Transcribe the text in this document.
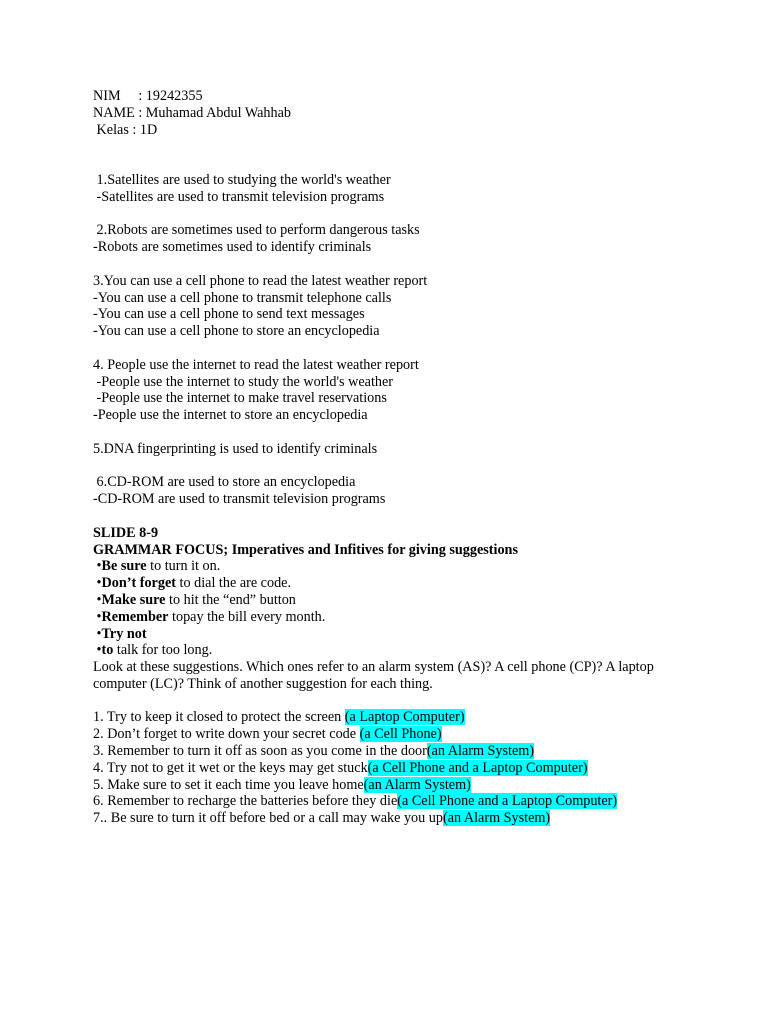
NIM     : 19242355
NAME : Muhamad Abdul Wahhab
Kelas : 1D
1.Satellites are used to studying the world's weather
-Satellites are used to transmit television programs
2.Robots are sometimes used to perform dangerous tasks
-Robots are sometimes used to identify criminals
3.You can use a cell phone to read the latest weather report
-You can use a cell phone to transmit telephone calls
-You can use a cell phone to send text messages
-You can use a cell phone to store an encyclopedia
4. People use the internet to read the latest weather report
-People use the internet to study the world's weather
-People use the internet to make travel reservations
-People use the internet to store an encyclopedia
5.DNA fingerprinting is used to identify criminals
6.CD-ROM are used to store an encyclopedia
-CD-ROM are used to transmit television programs
SLIDE 8-9
GRAMMAR FOCUS; Imperatives and Infitives for giving suggestions
•Be sure to turn it on.
•Don’t forget to dial the are code.
•Make sure to hit the “end” button
•Remember topay the bill every month.
•Try not
•to talk for too long.
Look at these suggestions. Which ones refer to an alarm system (AS)? A cell phone (CP)? A laptop computer (LC)? Think of another suggestion for each thing.
1. Try to keep it closed to protect the screen (a Laptop Computer)
2. Don’t forget to write down your secret code (a Cell Phone)
3. Remember to turn it off as soon as you come in the door(an Alarm System)
4. Try not to get it wet or the keys may get stuck(a Cell Phone and a Laptop Computer)
5. Make sure to set it each time you leave home(an Alarm System)
6. Remember to recharge the batteries before they die(a Cell Phone and a Laptop Computer)
7.. Be sure to turn it off before bed or a call may wake you up(an Alarm System)
